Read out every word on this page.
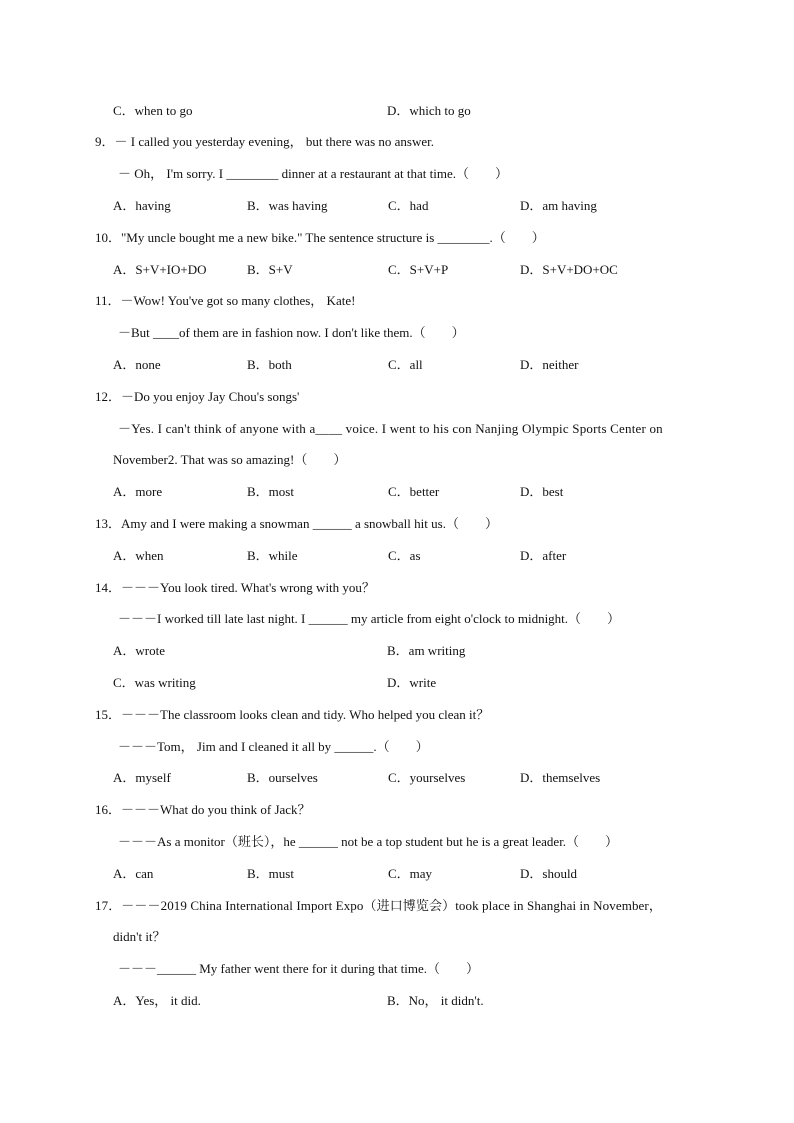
C．when to go	D．which to go
9．－ I called you yesterday evening， but there was no answer.
－ Oh， I'm sorry. I ________ dinner at a restaurant at that time.（　　）
A．having	B．was having	C．had	D．am having
10．"My uncle bought me a new bike." The sentence structure is ________.（　　）
A．S+V+IO+DO	B．S+V	C．S+V+P	D．S+V+DO+OC
11．－Wow! You've got so many clothes， Kate!
－But ____of them are in fashion now. I don't like them.（　　）
A．none	B．both	C．all	D．neither
12．－Do you enjoy Jay Chou's songs'
－Yes. I can't think of anyone with a____ voice. I went to his con Nanjing Olympic Sports Center on
November2. That was so amazing!（　　）
A．more	B．most	C．better	D．best
13．Amy and I were making a snowman ______ a snowball hit us.（　　）
A．when	B．while	C．as	D．after
14．－－－You look tired. What's wrong with you？
－－－I worked till late last night. I ______ my article from eight o'clock to midnight.（　　）
A．wrote	B．am writing
C．was writing	D．write
15．－－－The classroom looks clean and tidy. Who helped you clean it？
－－－Tom， Jim and I cleaned it all by ______.（　　）
A．myself	B．ourselves	C．yourselves	D．themselves
16．－－－What do you think of Jack？
－－－As a monitor（班长），he ______ not be a top student but he is a great leader.（　　）
A．can	B．must	C．may	D．should
17．－－－2019 China International Import Expo（进口博览会）took place in Shanghai in November，
didn't it？
－－－______ My father went there for it during that time.（　　）
A．Yes， it did.	B．No， it didn't.
